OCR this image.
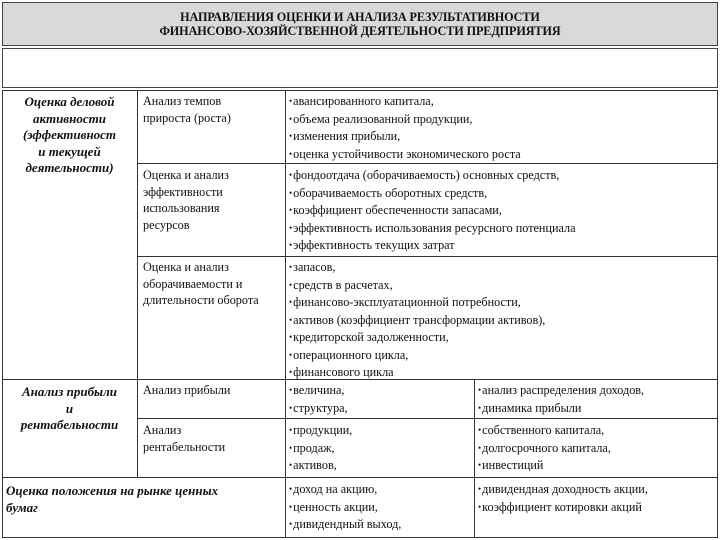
НАПРАВЛЕНИЯ ОЦЕНКИ И АНАЛИЗА РЕЗУЛЬТАТИВНОСТИ
ФИНАНСОВО-ХОЗЯЙСТВЕННОЙ ДЕЯТЕЛЬНОСТИ ПРЕДПРИЯТИЯ
Оценка деловой
активности
(эффективност
и текущей
деятельности)
Анализ темпов
прироста (роста)
• авансированного капитала,
• объема реализованной продукции,
• изменения прибыли,
• оценка устойчивости экономического роста
Оценка и анализ
эффективности
использования
ресурсов
• фондоотдача (оборачиваемость) основных средств,
• оборачиваемость оборотных средств,
• коэффициент обеспеченности запасами,
• эффективность использования ресурсного потенциала
• эффективность текущих затрат
Оценка и анализ
оборачиваемости и
длительности оборота
• запасов,
• средств в расчетах,
• финансово-эксплуатационной потребности,
• активов (коэффициент трансформации активов),
• кредиторской задолженности,
• операционного цикла,
• финансового цикла
Анализ прибыли
и
рентабельности
Анализ прибыли
•	величина,
• структура,
• анализ распределения доходов,
• динамика прибыли
Анализ
рентабельности
• продукции,
• продаж,
• активов,
• собственного капитала,
• долгосрочного капитала,
• инвестиций
Оценка положения на рынке ценных
бумаг
• доход на акцию,
• ценность акции,
• дивидендный выход,
• дивидендная доходность акции,
• коэффициент котировки акций
